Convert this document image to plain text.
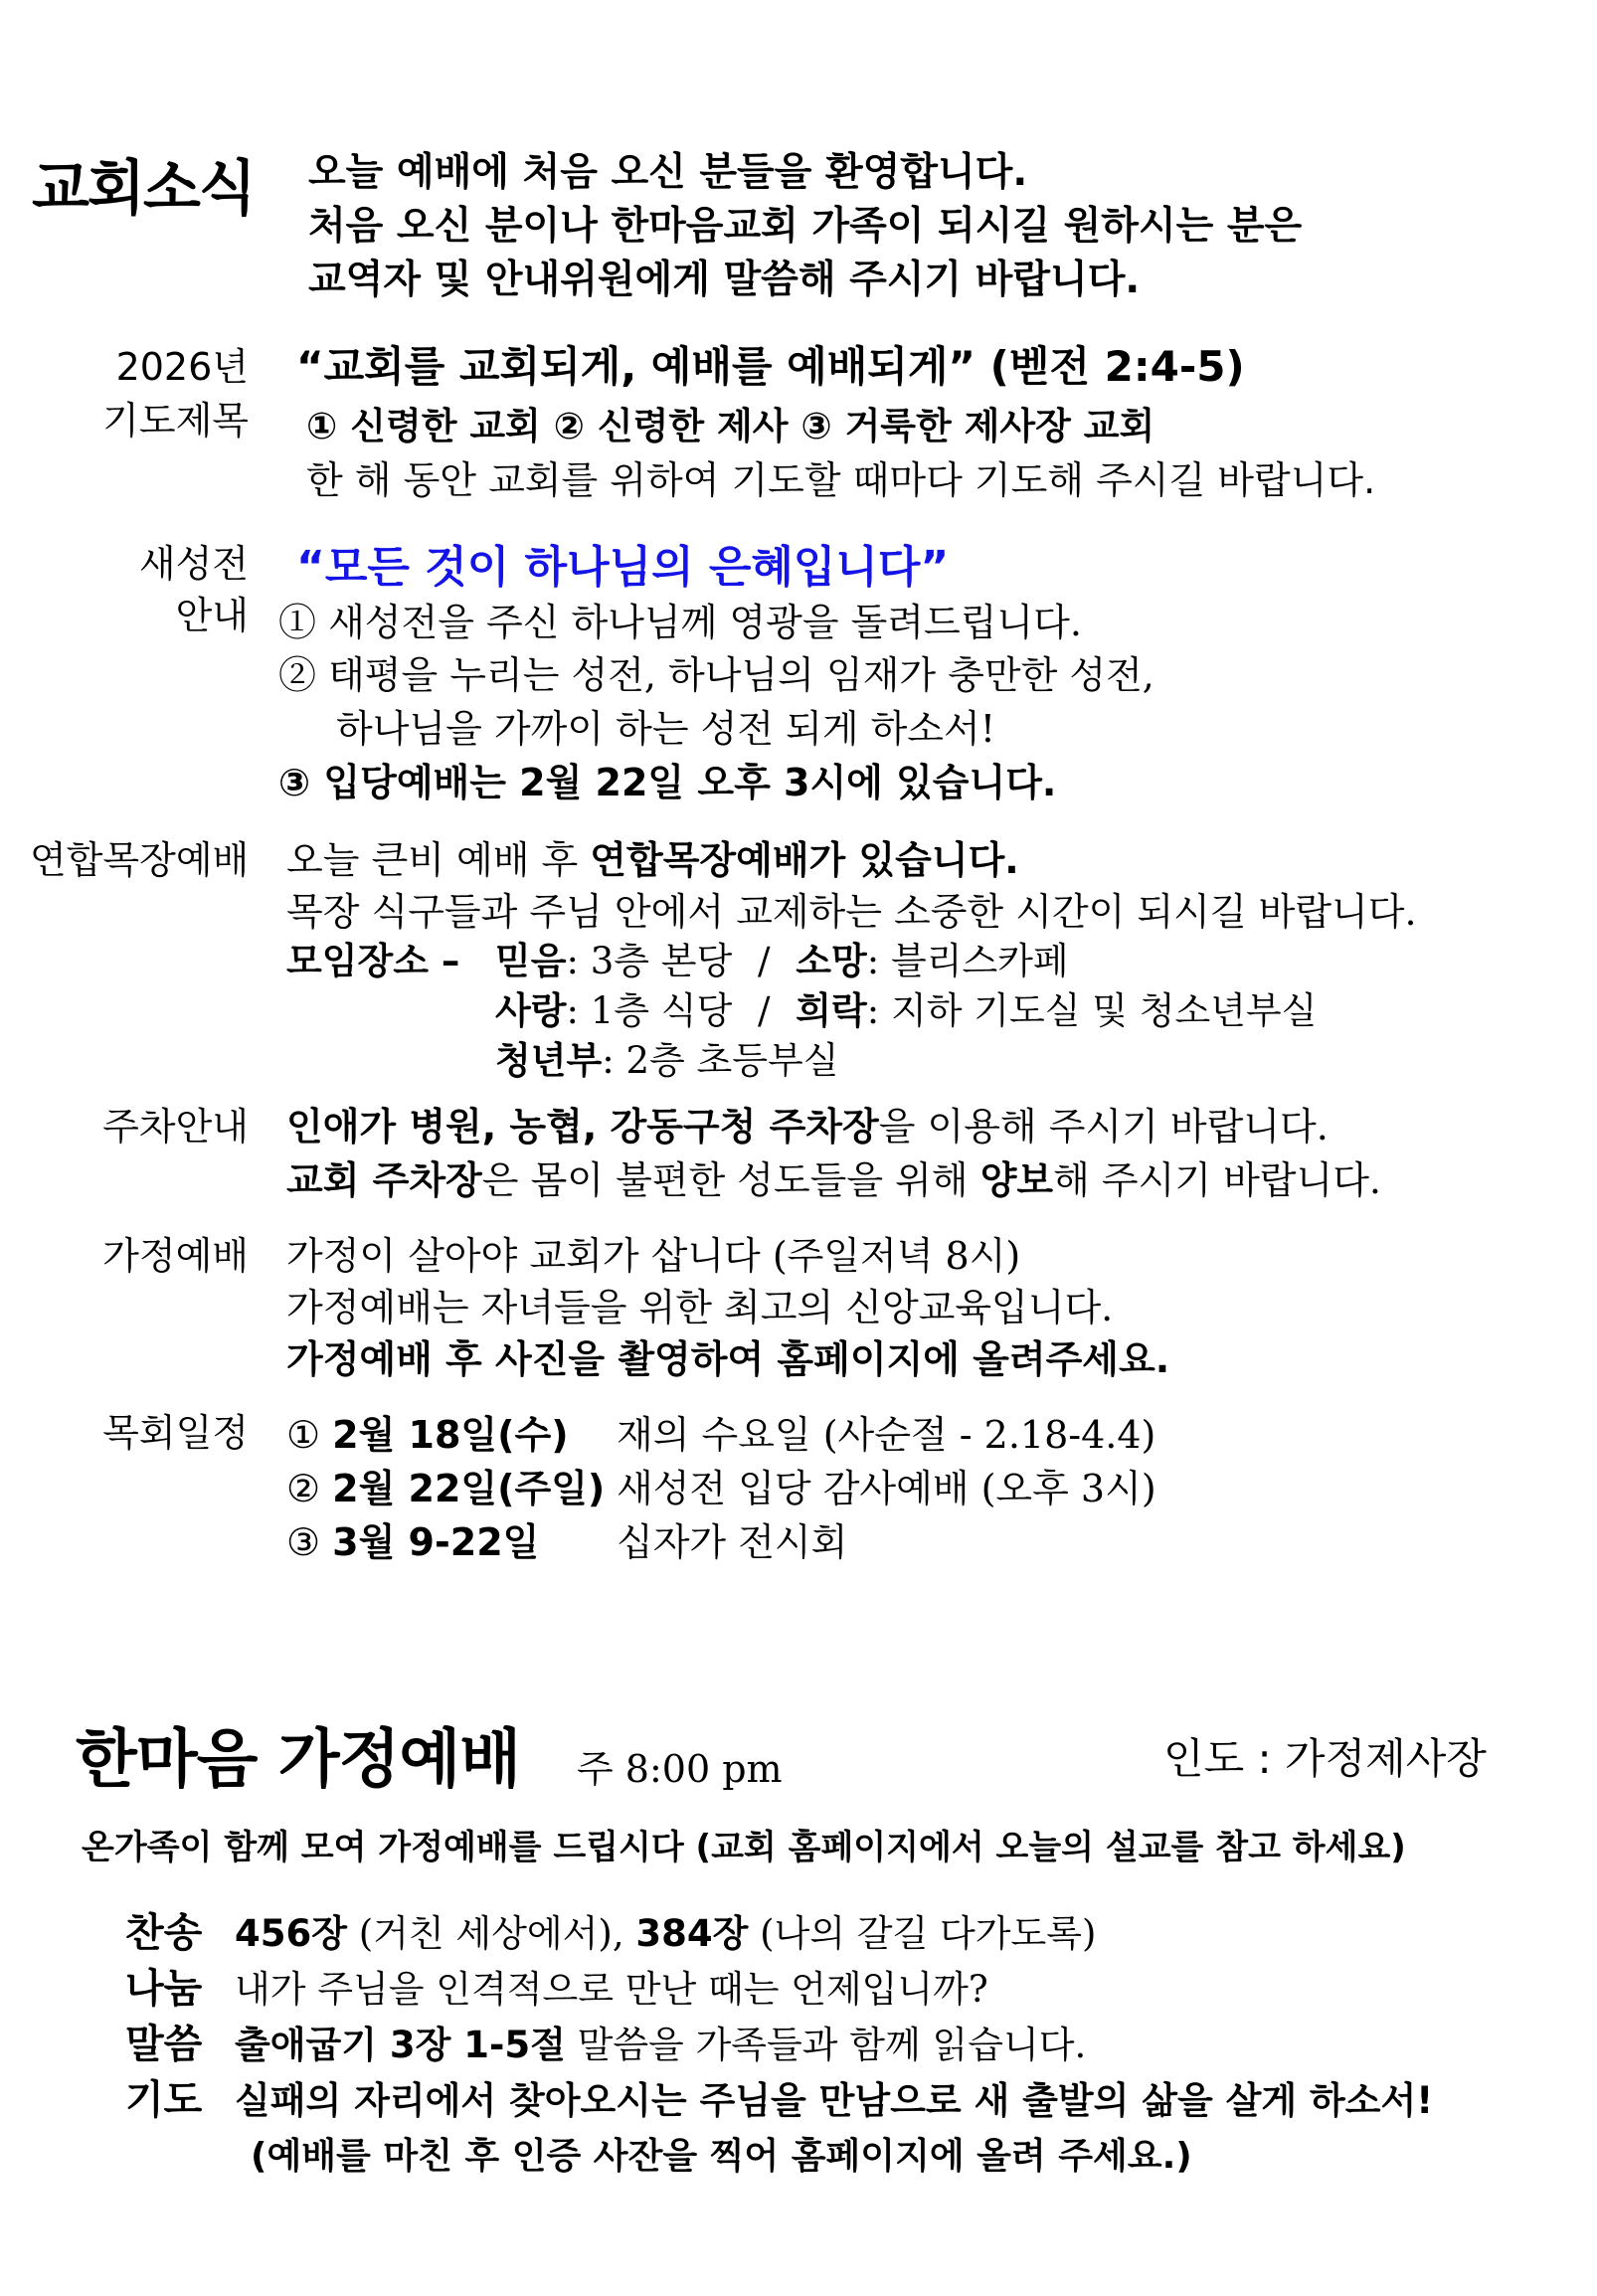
교회소식 오늘 예배에 처음 오신 분들을 환영합니다.
처음 오신 분이나 한마음교회 가족이 되시길 원하시는 분은
교역자 및 안내위원에게 말씀해 주시기 바랍니다.
2026년
기도제목
“교회를 교회되게, 예배를 예배되게” (벧전 2:4-5)
① 신령한 교회 ② 신령한 제사 ③ 거룩한 제사장 교회
한 해 동안 교회를 위하여 기도할 때마다 기도해 주시길 바랍니다.
새성전
안내
“모든 것이 하나님의 은혜입니다”
① 새성전을 주신 하나님께 영광을 돌려드립니다.
② 태평을 누리는 성전, 하나님의 임재가 충만한 성전,
하나님을 가까이 하는 성전 되게 하소서!
③ 입당예배는 2월 22일 오후 3시에 있습니다.
연합목장예배 오늘 큰비 예배 후 연합목장예배가 있습니다.
목장 식구들과 주님 안에서 교제하는 소중한 시간이 되시길 바랍니다.
모임장소 – 믿음: 3층 본당 / 소망: 블리스카페
사랑: 1층 식당 / 희락: 지하 기도실 및 청소년부실
청년부: 2층 초등부실
주차안내 인애가 병원, 농협, 강동구청 주차장을 이용해 주시기 바랍니다.
교회 주차장은 몸이 불편한 성도들을 위해 양보해 주시기 바랍니다.
가정예배 가정이 살아야 교회가 삽니다 (주일저녁 8시)
가정예배는 자녀들을 위한 최고의 신앙교육입니다.
가정예배 후 사진을 촬영하여 홈페이지에 올려주세요.
목회일정 ① 2월 18일(수) 재의 수요일 (사순절 - 2.18-4.4)
② 2월 22일(주일) 새성전 입당 감사예배 (오후 3시)
③ 3월 9-22일 십자가 전시회
한마음 가정예배 주 8:00 pm	인도 : 가정제사장
온가족이 함께 모여 가정예배를 드립시다 (교회 홈페이지에서 오늘의 설교를 참고 하세요)
찬송 456장 (거친 세상에서), 384장 (나의 갈길 다가도록)
나눔 내가 주님을 인격적으로 만난 때는 언제입니까?
말씀 출애굽기 3장 1-5절 말씀을 가족들과 함께 읽습니다.
기도 실패의 자리에서 찾아오시는 주님을 만남으로 새 출발의 삶을 살게 하소서!
(예배를 마친 후 인증 사잔을 찍어 홈페이지에 올려 주세요.)
